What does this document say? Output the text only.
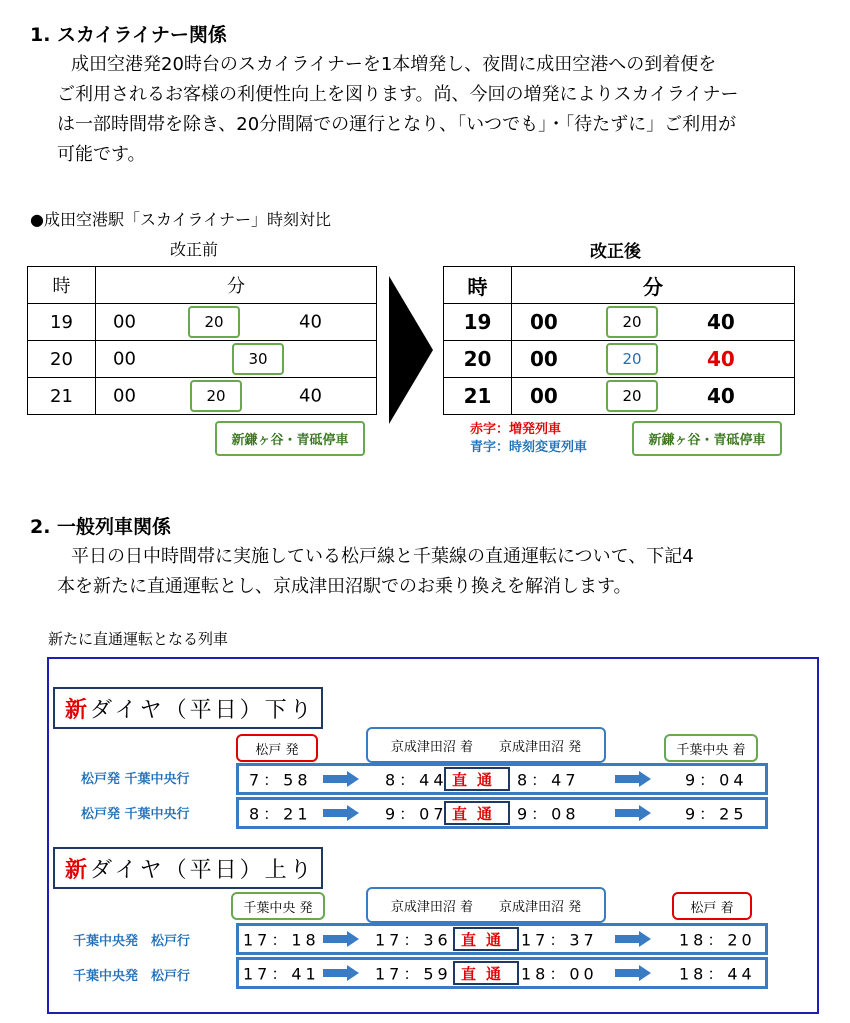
1. スカイライナー関係
成田空港発20時台のスカイライナーを1本増発し、夜間に成田空港への到着便を
ご利用されるお客様の利便性向上を図ります。尚、今回の増発によりスカイライナー
は一部時間帯を除き、20分間隔での運行となり、「いつでも」・「待たずに」ご利用が
可能です。
●成田空港駅「スカイライナー」時刻対比
改正前	改正後
時	分
19	00 20 40

20	00 30

21	00 20 40
新鎌ヶ谷・青砥停車
時	分
19	00 20 40

20	00 20 40

21	00 20 40
赤字：増発列車
青字：時刻変更列車	新鎌ヶ谷・青砥停車
2. 一般列車関係
平日の日中時間帯に実施している松戸線と千葉線の直通運転について、下記4
本を新たに直通運転とし、京成津田沼駅でのお乗り換えを解消します。
新たに直通運転となる列車
新 ダイヤ（平日）下り
松戸 発	京成津田沼 着　　京成津田沼 発	千葉中央 着
松戸発 千葉中央行	7：58	8：44 直通 8：47	9：04
松戸発 千葉中央行	8：21	9：07 直通 9：08	9：25
新 ダイヤ（平日）上り
千葉中央 発	京成津田沼 着　　京成津田沼 発	松戸 着
千葉中央発　松戸行	17：18	17：36 直通 17：37	18：20
千葉中央発　松戸行	17：41	17：59 直通 18：00	18：44
